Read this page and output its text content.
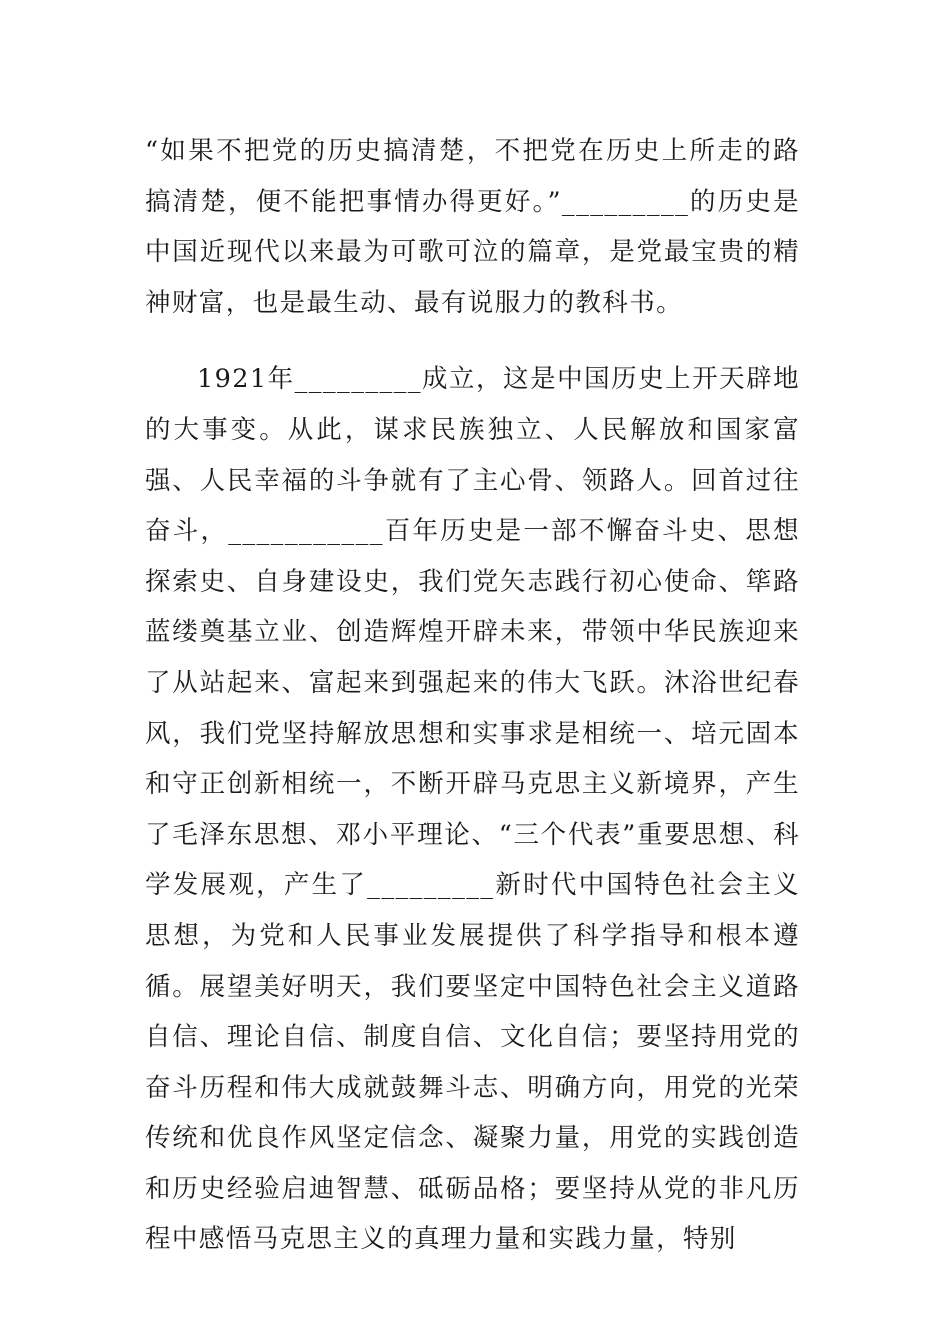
“如果不把党的历史搞清楚，不把党在历史上所走的路搞清楚，便不能把事情办得更好。”_________的历史是中国近现代以来最为可歌可泣的篇章，是党最宝贵的精神财富，也是最生动、最有说服力的教科书。

1921年_________成立，这是中国历史上开天辟地的大事变。从此，谋求民族独立、人民解放和国家富强、人民幸福的斗争就有了主心骨、领路人。回首过往奋斗，___________百年历史是一部不懈奋斗史、思想探索史、自身建设史，我们党矢志践行初心使命、筚路蓝缕奠基立业、创造辉煌开辟未来，带领中华民族迎来了从站起来、富起来到强起来的伟大飞跃。沐浴世纪春风，我们党坚持解放思想和实事求是相统一、培元固本和守正创新相统一，不断开辟马克思主义新境界，产生了毛泽东思想、邓小平理论、“三个代表”重要思想、科学发展观，产生了_________新时代中国特色社会主义思想，为党和人民事业发展提供了科学指导和根本遵循。展望美好明天，我们要坚定中国特色社会主义道路自信、理论自信、制度自信、文化自信；要坚持用党的奋斗历程和伟大成就鼓舞斗志、明确方向，用党的光荣传统和优良作风坚定信念、凝聚力量，用党的实践创造和历史经验启迪智慧、砥砺品格；要坚持从党的非凡历程中感悟马克思主义的真理力量和实践力量，特别
